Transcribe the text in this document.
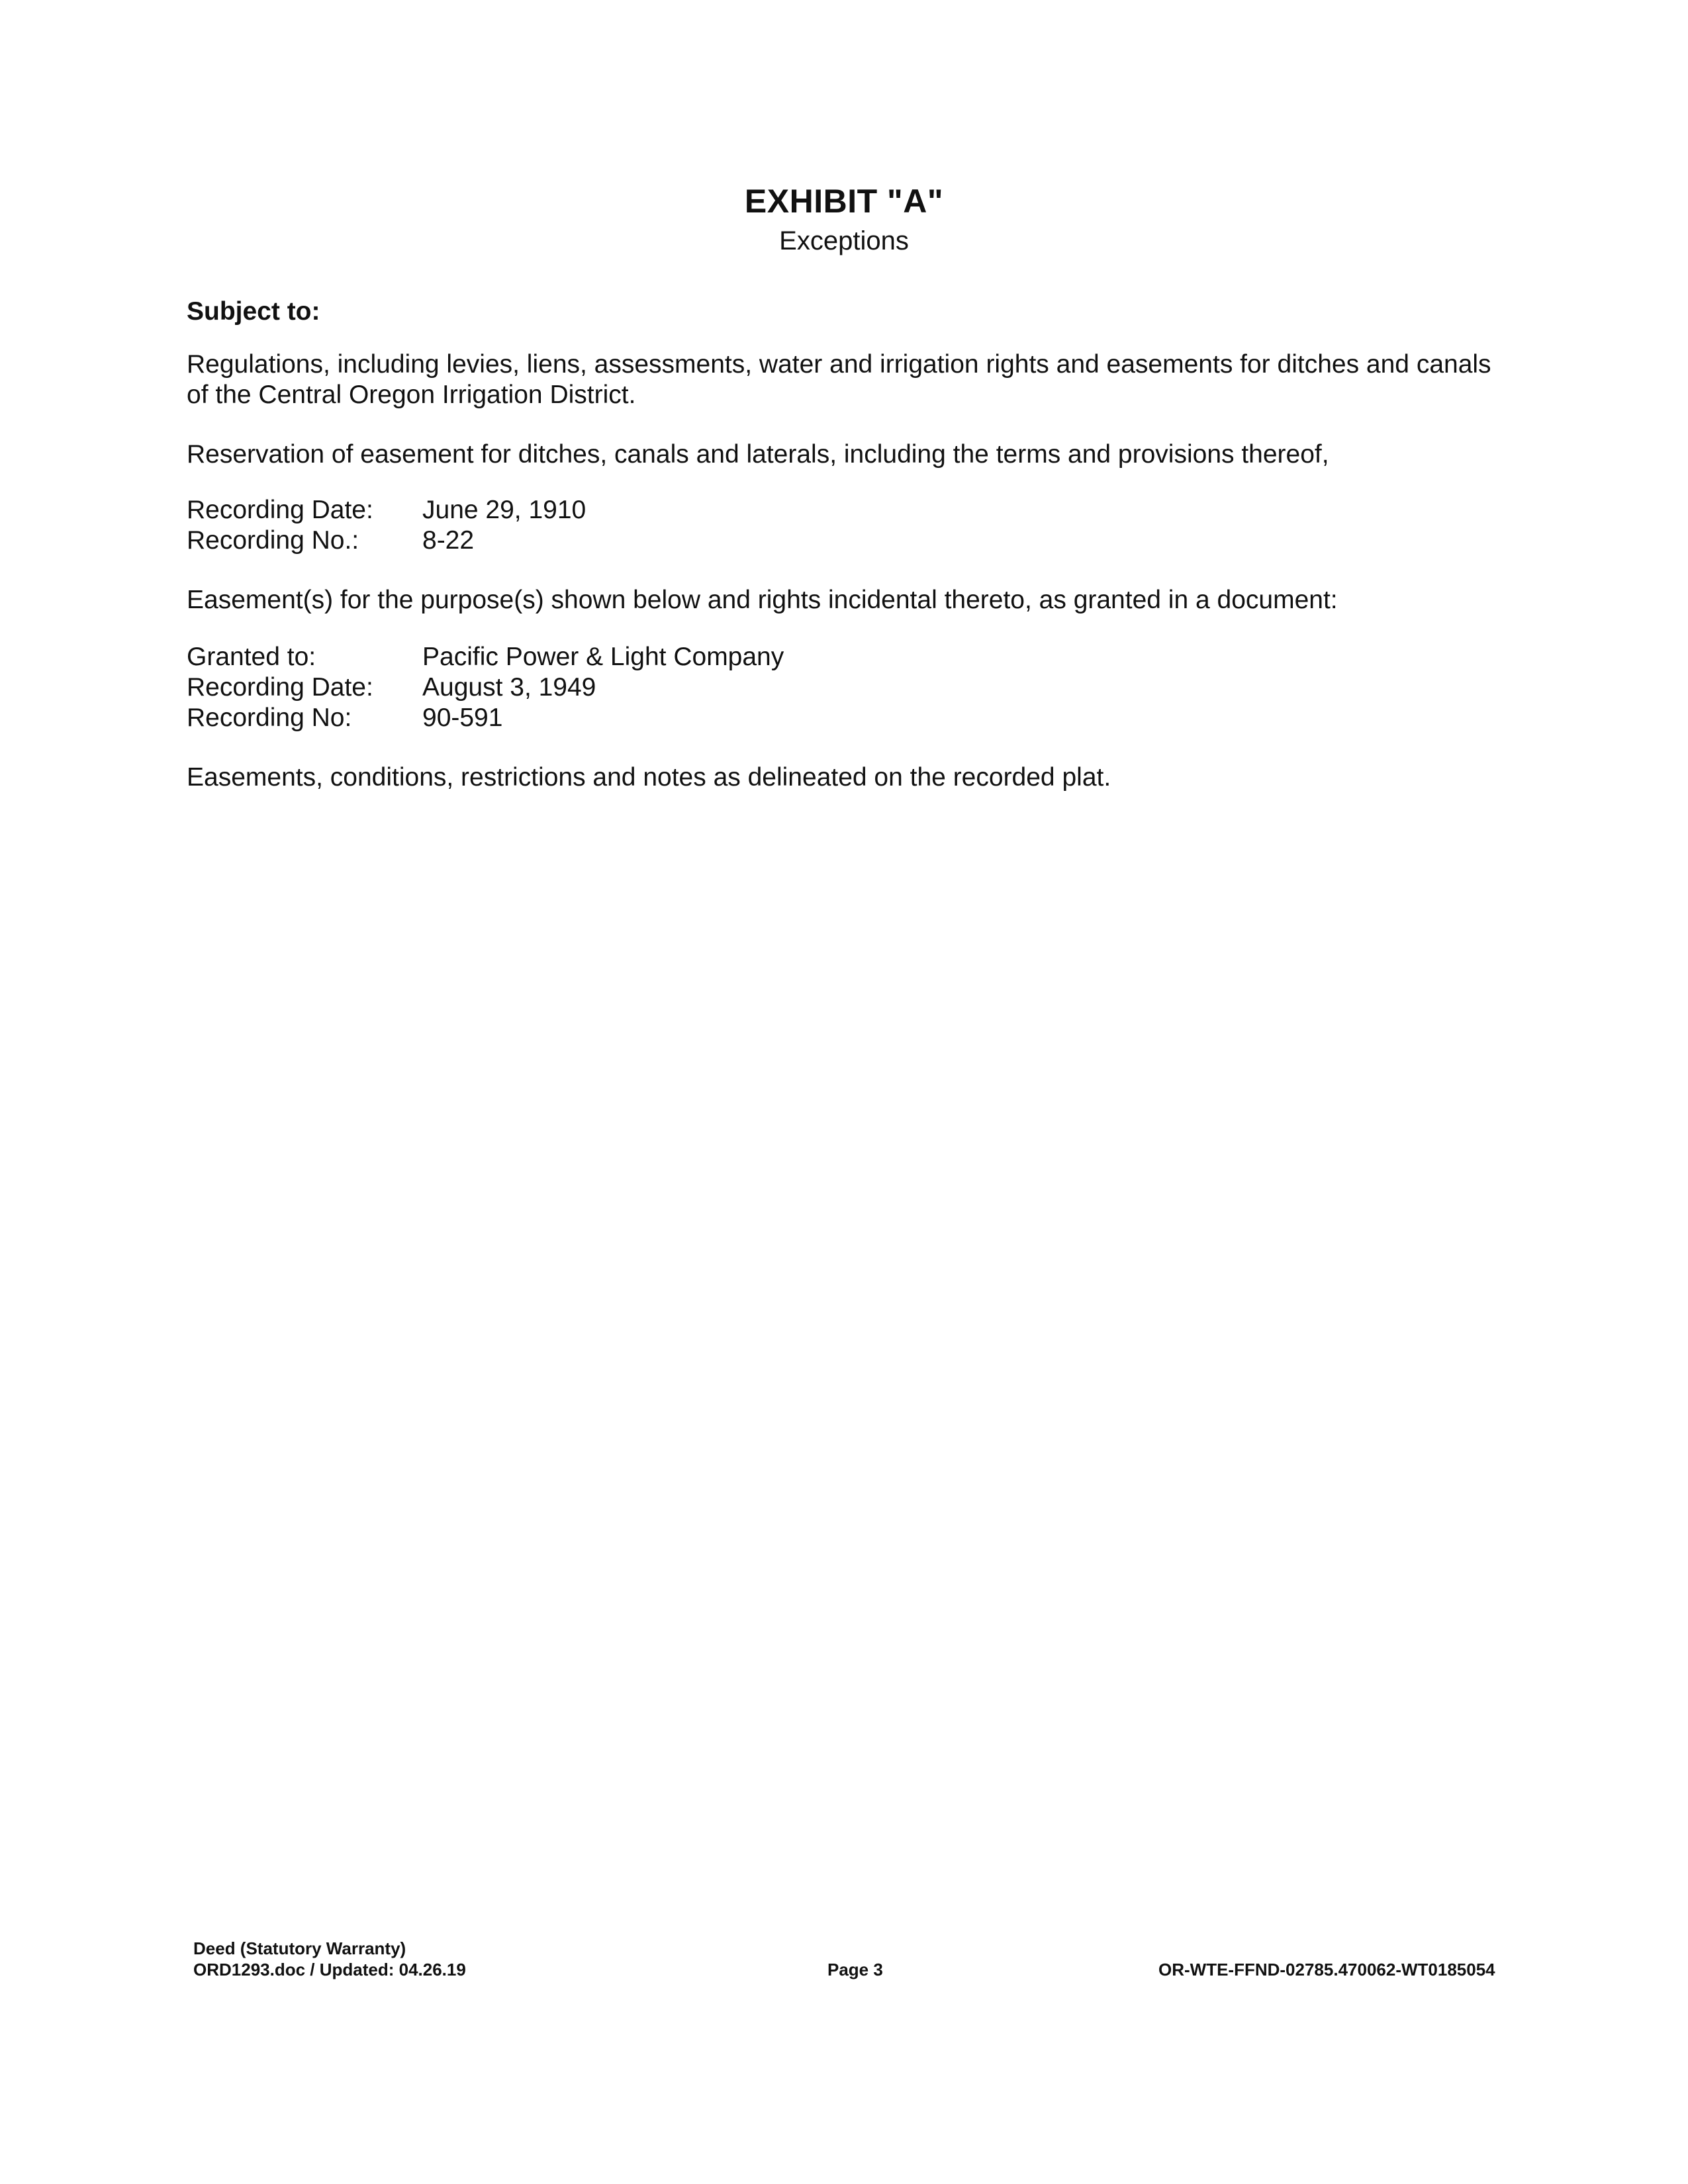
EXHIBIT "A"
Exceptions
Subject to:
Regulations, including levies, liens, assessments, water and irrigation rights and easements for ditches and canals of the Central Oregon Irrigation District.
Reservation of easement for ditches, canals and laterals, including the terms and provisions thereof,
Recording Date:	June 29, 1910
Recording No.:	8-22
Easement(s) for the purpose(s) shown below and rights incidental thereto, as granted in a document:
Granted to:	Pacific Power & Light Company
Recording Date:	August 3, 1949
Recording No:	90-591
Easements, conditions, restrictions and notes as delineated on the recorded plat.
Deed (Statutory Warranty)
ORD1293.doc / Updated: 04.26.19	Page 3	OR-WTE-FFND-02785.470062-WT0185054
